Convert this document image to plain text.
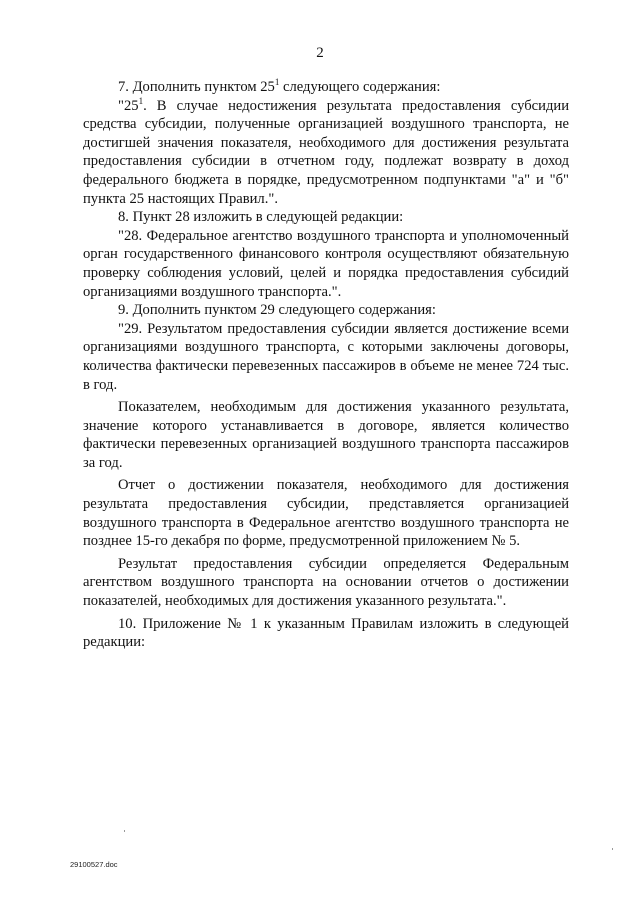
2

7. Дополнить пунктом $25^1$ следующего содержания:

"$25^1$. В случае недостижения результата предоставления субсидии средства субсидии, полученные организацией воздушного транспорта, не достигшей значения показателя, необходимого для достижения результата предоставления субсидии в отчетном году, подлежат возврату в доход федерального бюджета в порядке, предусмотренном подпунктами "а" и "б" пункта 25 настоящих Правил.".

8. Пункт 28 изложить в следующей редакции:

"28. Федеральное агентство воздушного транспорта и уполномоченный орган государственного финансового контроля осуществляют обязательную проверку соблюдения условий, целей и порядка предоставления субсидий организациями воздушного транспорта.".

9. Дополнить пунктом 29 следующего содержания:

"29. Результатом предоставления субсидии является достижение всеми организациями воздушного транспорта, с которыми заключены договоры, количества фактически перевезенных пассажиров в объеме не менее 724 тыс. в год.

Показателем, необходимым для достижения указанного результата, значение которого устанавливается в договоре, является количество фактически перевезенных организацией воздушного транспорта пассажиров за год.

Отчет о достижении показателя, необходимого для достижения результата предоставления субсидии, представляется организацией воздушного транспорта в Федеральное агентство воздушного транспорта не позднее 15-го декабря по форме, предусмотренной приложением № 5.

Результат предоставления субсидии определяется Федеральным агентством воздушного транспорта на основании отчетов о достижении показателей, необходимых для достижения указанного результата.".

10. Приложение № 1 к указанным Правилам изложить в следующей редакции:

29100527.doc
